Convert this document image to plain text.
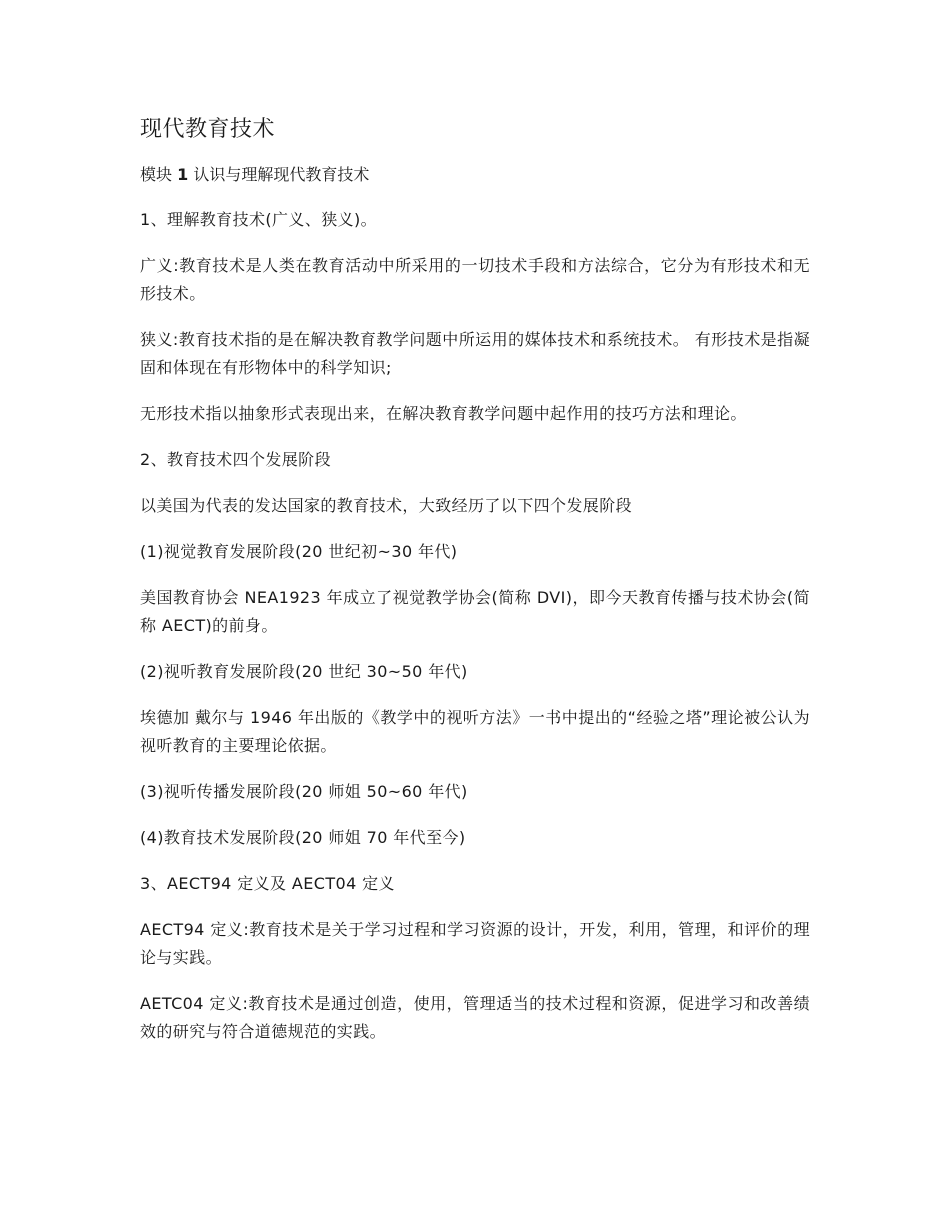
现代教育技术
模块 1 认识与理解现代教育技术

1、理解教育技术(广义、狭义)。

广义:教育技术是人类在教育活动中所采用的一切技术手段和方法综合，它分为有形技术和无形技术。

狭义:教育技术指的是在解决教育教学问题中所运用的媒体技术和系统技术。 有形技术是指凝固和体现在有形物体中的科学知识;

无形技术指以抽象形式表现出来，在解决教育教学问题中起作用的技巧方法和理论。

2、教育技术四个发展阶段

以美国为代表的发达国家的教育技术，大致经历了以下四个发展阶段

(1)视觉教育发展阶段(20 世纪初~30 年代)

美国教育协会 NEA1923 年成立了视觉教学协会(简称 DVI)，即今天教育传播与技术协会(简称 AECT)的前身。

(2)视听教育发展阶段(20 世纪 30~50 年代)

埃德加 戴尔与 1946 年出版的《教学中的视听方法》一书中提出的“经验之塔”理论被公认为视听教育的主要理论依据。

(3)视听传播发展阶段(20 师姐 50~60 年代)

(4)教育技术发展阶段(20 师姐 70 年代至今)

3、AECT94 定义及 AECT04 定义

AECT94 定义:教育技术是关于学习过程和学习资源的设计，开发，利用，管理，和评价的理论与实践。

AETC04 定义:教育技术是通过创造，使用，管理适当的技术过程和资源，促进学习和改善绩效的研究与符合道德规范的实践。
